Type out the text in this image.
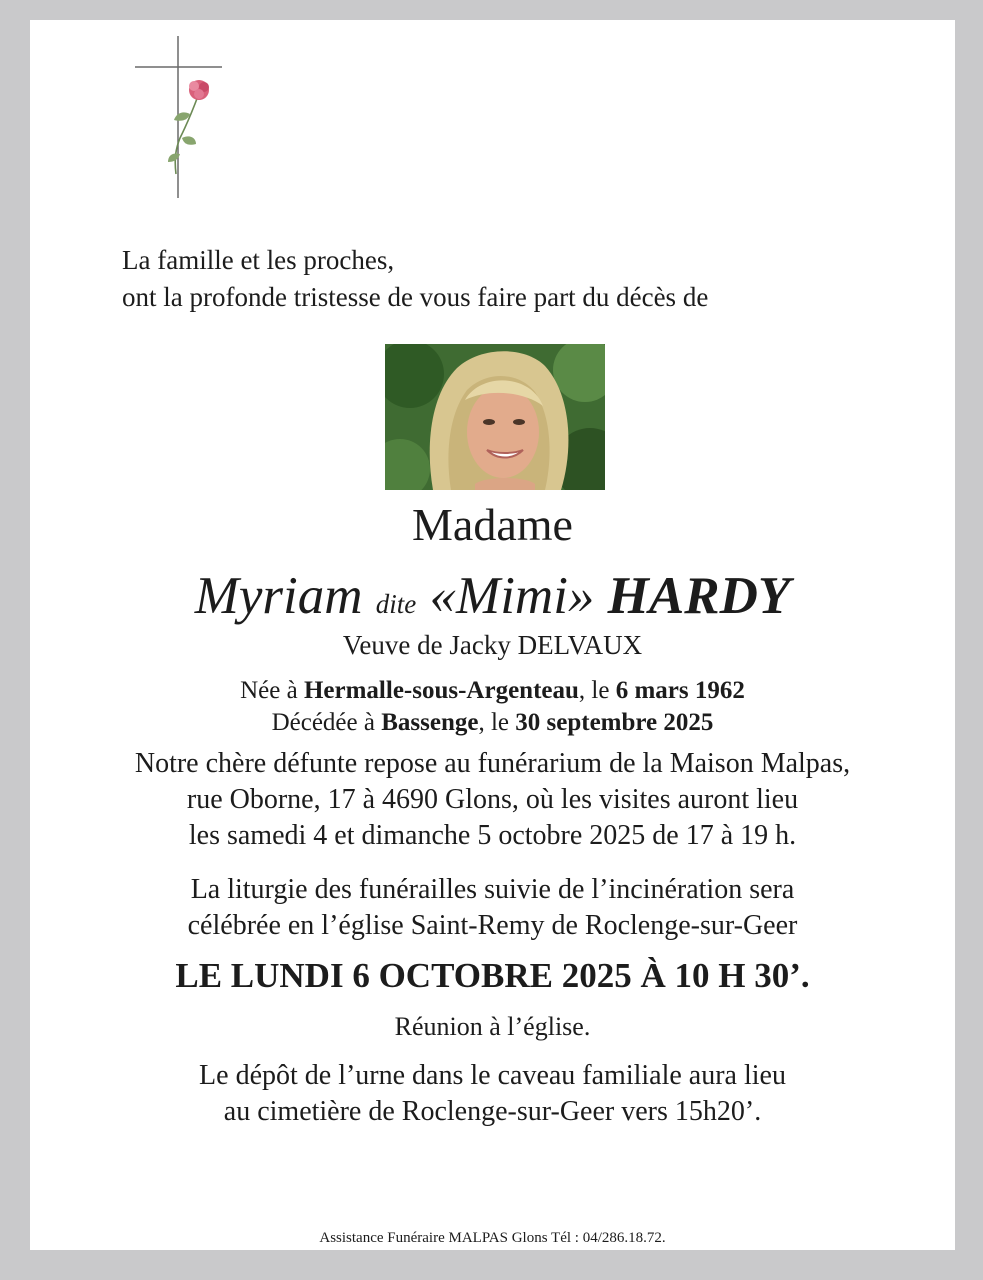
La famille et les proches,
ont la profonde tristesse de vous faire part du décès de
Madame
Myriam dite «Mimi» HARDY
Veuve de Jacky DELVAUX
Née à Hermalle-sous-Argenteau, le 6 mars 1962
Décédée à Bassenge, le 30 septembre 2025
Notre chère défunte repose au funérarium de la Maison Malpas,
rue Oborne, 17 à 4690 Glons, où les visites auront lieu
les samedi 4 et dimanche 5 octobre 2025 de 17 à 19 h.
La liturgie des funérailles suivie de l’incinération sera
célébrée en l’église Saint-Remy de Roclenge-sur-Geer
LE LUNDI 6 OCTOBRE 2025 À 10 H 30’.
Réunion à l’église.
Le dépôt de l’urne dans le caveau familiale aura lieu
au cimetière de Roclenge-sur-Geer vers 15h20’.
Assistance Funéraire MALPAS Glons Tél : 04/286.18.72.
